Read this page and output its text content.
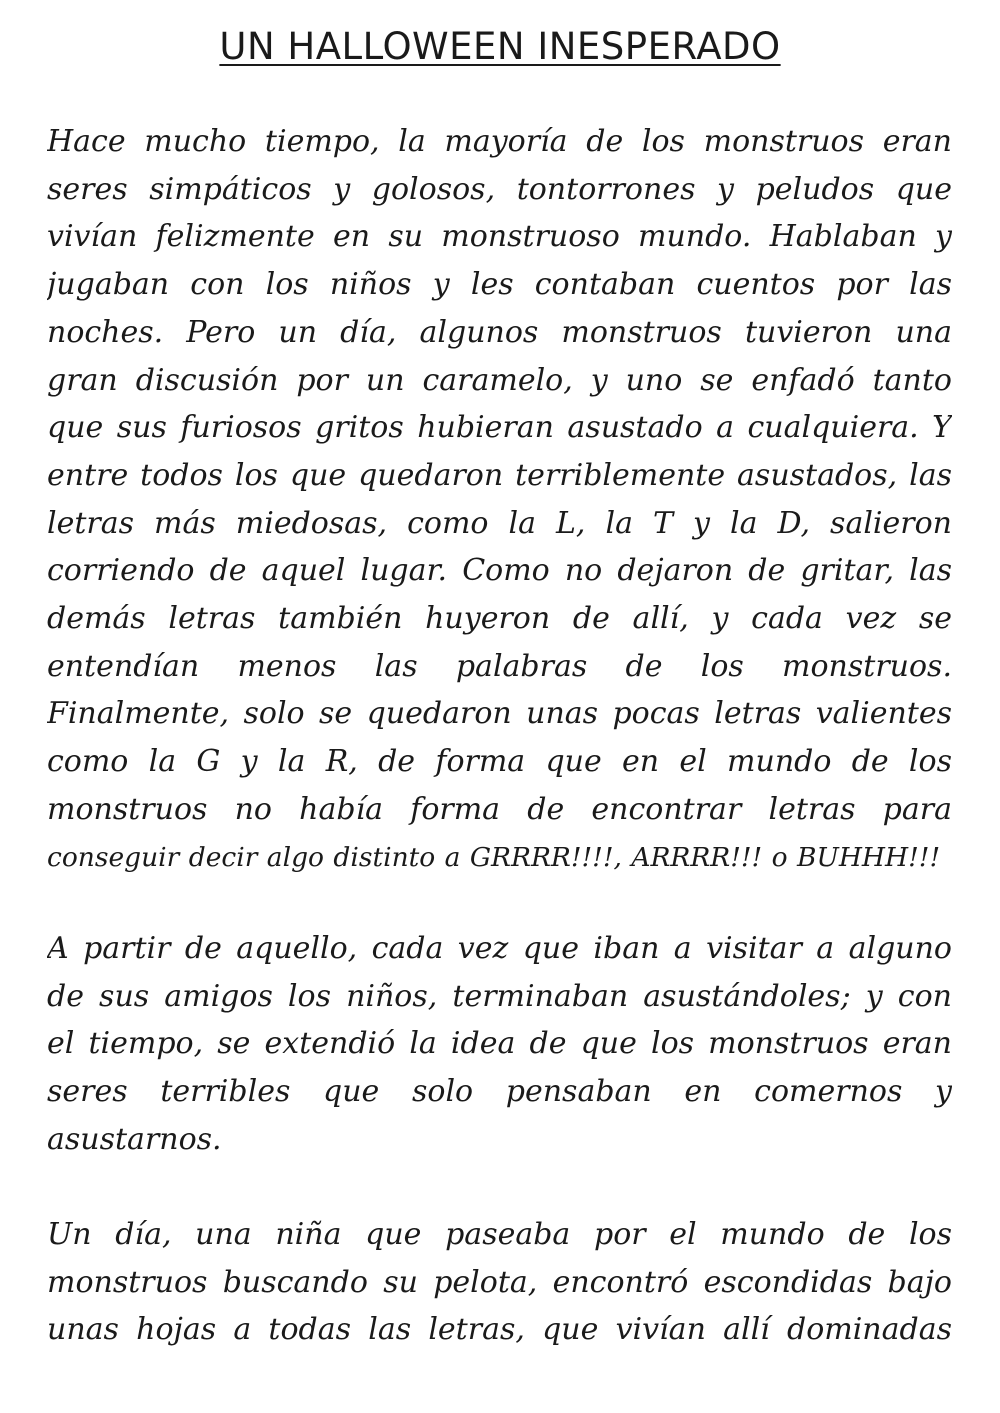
UN HALLOWEEN INESPERADO

Hace mucho tiempo, la mayoría de los monstruos eran
seres simpáticos y golosos, tontorrones y peludos que
vivían felizmente en su monstruoso mundo. Hablaban y
jugaban con los niños y les contaban cuentos por las
noches. Pero un día, algunos monstruos tuvieron una
gran discusión por un caramelo, y uno se enfadó tanto
que sus furiosos gritos hubieran asustado a cualquiera. Y
entre todos los que quedaron terriblemente asustados, las
letras más miedosas, como la L, la T y la D, salieron
corriendo de aquel lugar. Como no dejaron de gritar, las
demás letras también huyeron de allí, y cada vez se
entendían menos las palabras de los monstruos.
Finalmente, solo se quedaron unas pocas letras valientes
como la G y la R, de forma que en el mundo de los
monstruos no había forma de encontrar letras para
conseguir decir algo distinto a GRRRR!!!!, ARRRR!!! o BUHHH!!!

A partir de aquello, cada vez que iban a visitar a alguno
de sus amigos los niños, terminaban asustándoles; y con
el tiempo, se extendió la idea de que los monstruos eran
seres terribles que solo pensaban en comernos y
asustarnos.

Un día, una niña que paseaba por el mundo de los
monstruos buscando su pelota, encontró escondidas bajo
unas hojas a todas las letras, que vivían allí dominadas
